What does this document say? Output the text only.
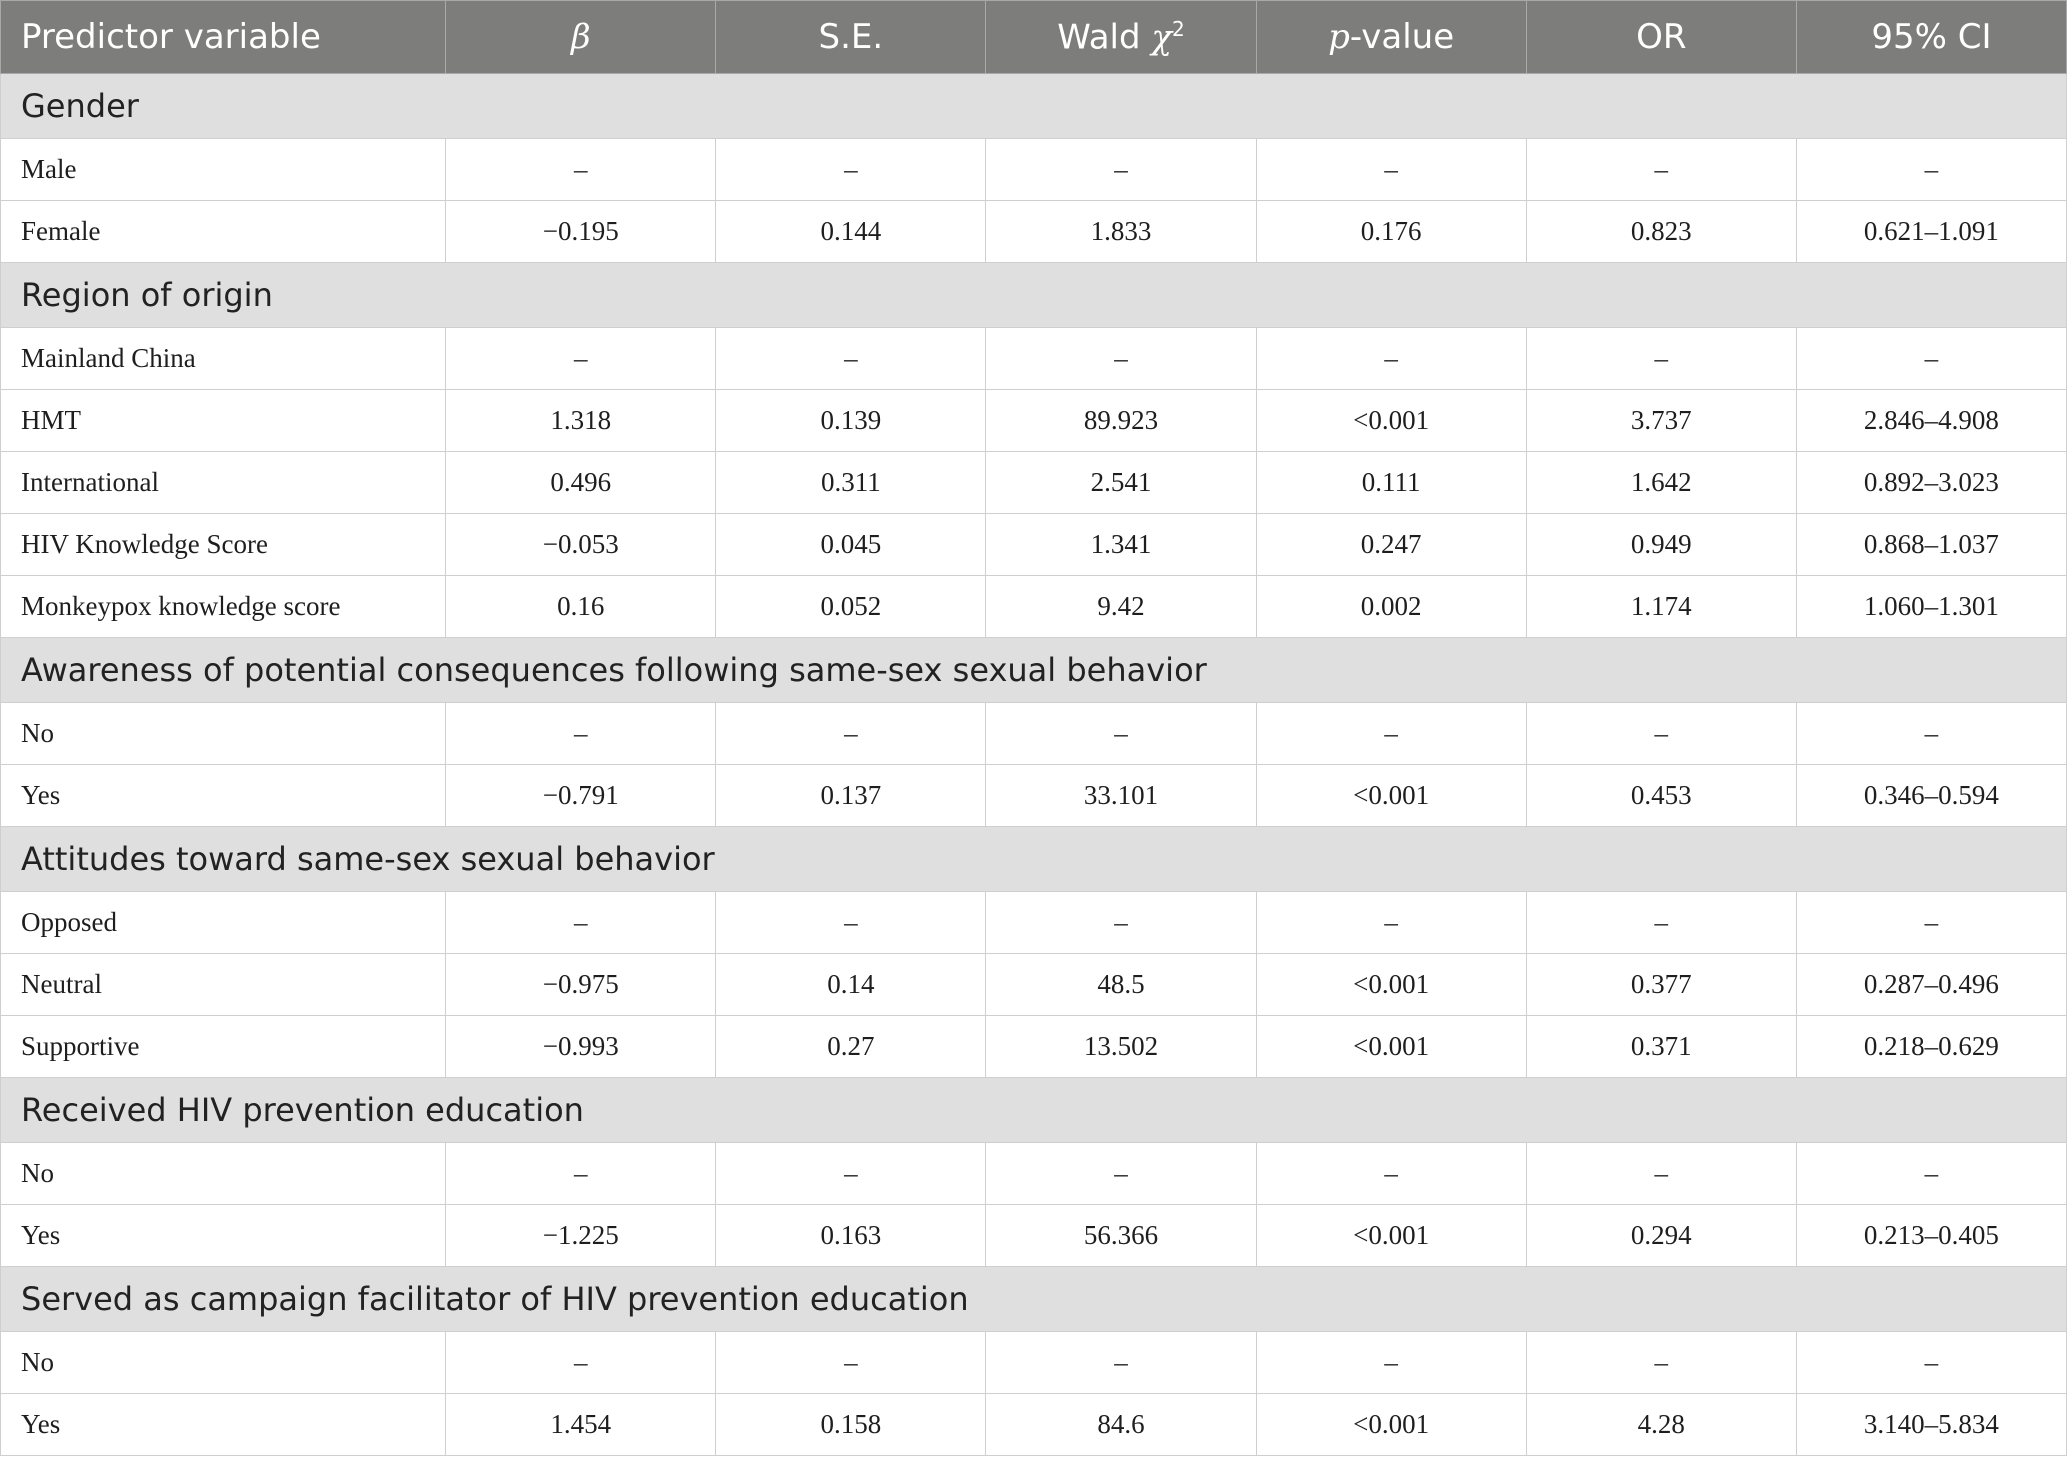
Predictor variable	β	S.E.	Wald $\chi^2$	p-value	OR	95% CI
Gender						
Male	–	–	–	–	–	–
Female	−0.195	0.144	1.833	0.176	0.823	0.621–1.091
Region of origin						
Mainland China	–	–	–	–	–	–
HMT	1.318	0.139	89.923	<0.001	3.737	2.846–4.908
International	0.496	0.311	2.541	0.111	1.642	0.892–3.023
HIV Knowledge Score	−0.053	0.045	1.341	0.247	0.949	0.868–1.037
Monkeypox knowledge score	0.16	0.052	9.42	0.002	1.174	1.060–1.301
Awareness of potential consequences following same-sex sexual behavior						
No	–	–	–	–	–	–
Yes	−0.791	0.137	33.101	<0.001	0.453	0.346–0.594
Attitudes toward same-sex sexual behavior						
Opposed	–	–	–	–	–	–
Neutral	−0.975	0.14	48.5	<0.001	0.377	0.287–0.496
Supportive	−0.993	0.27	13.502	<0.001	0.371	0.218–0.629
Received HIV prevention education						
No	–	–	–	–	–	–
Yes	−1.225	0.163	56.366	<0.001	0.294	0.213–0.405
Served as campaign facilitator of HIV prevention education						
No	–	–	–	–	–	–
Yes	1.454	0.158	84.6	<0.001	4.28	3.140–5.834
